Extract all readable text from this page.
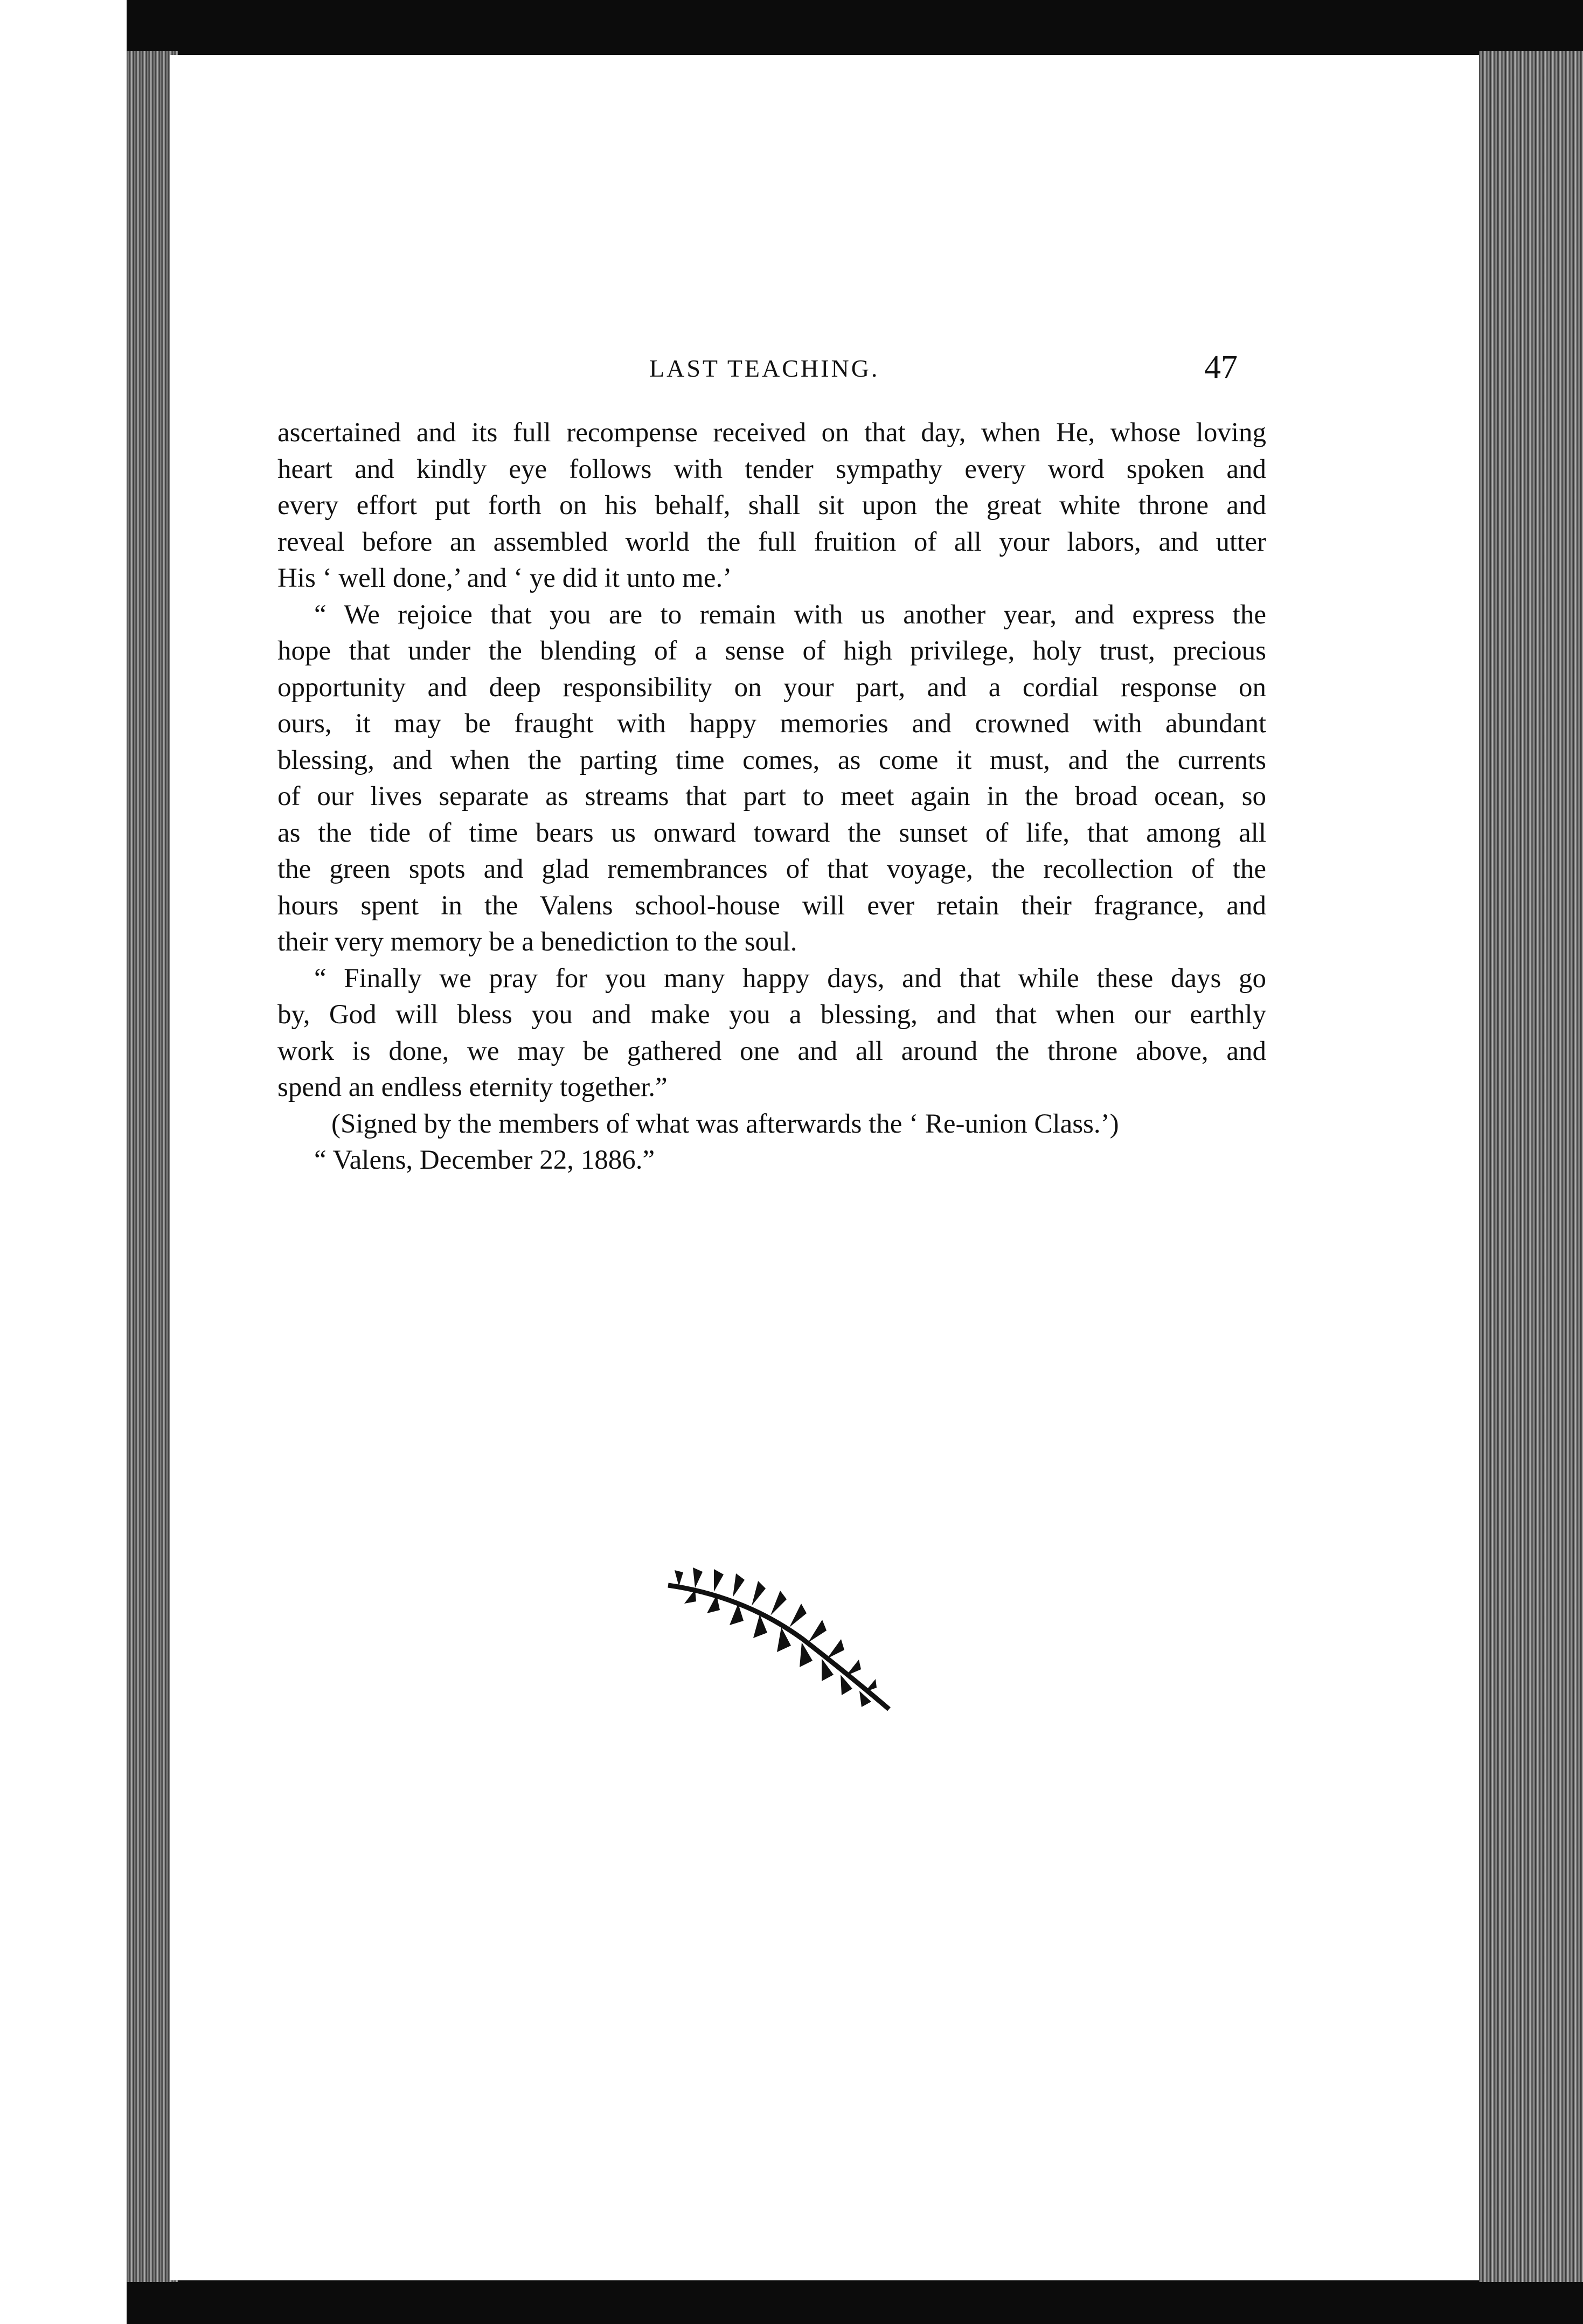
LAST TEACHING.	47
ascertained and its full recompense received on that day, when He, whose loving
heart and kindly eye follows with tender sympathy every word spoken and
every effort put forth on his behalf, shall sit upon the great white throne and
reveal before an assembled world the full fruition of all your labors, and utter
His ‘ well done,’ and ‘ ye did it unto me.’
“ We rejoice that you are to remain with us another year, and express the
hope that under the blending of a sense of high privilege, holy trust, precious
opportunity and deep responsibility on your part, and a cordial response on
ours, it may be fraught with happy memories and crowned with abundant
blessing, and when the parting time comes, as come it must, and the currents
of our lives separate as streams that part to meet again in the broad ocean, so
as the tide of time bears us onward toward the sunset of life, that among all
the green spots and glad remembrances of that voyage, the recollection of the
hours spent in the Valens school-house will ever retain their fragrance, and
their very memory be a benediction to the soul.
“ Finally we pray for you many happy days, and that while these days go
by, God will bless you and make you a blessing, and that when our earthly
work is done, we may be gathered one and all around the throne above, and
spend an endless eternity together.”
(Signed by the members of what was afterwards the ‘ Re-union Class.’)
“ Valens, December 22, 1886.”
